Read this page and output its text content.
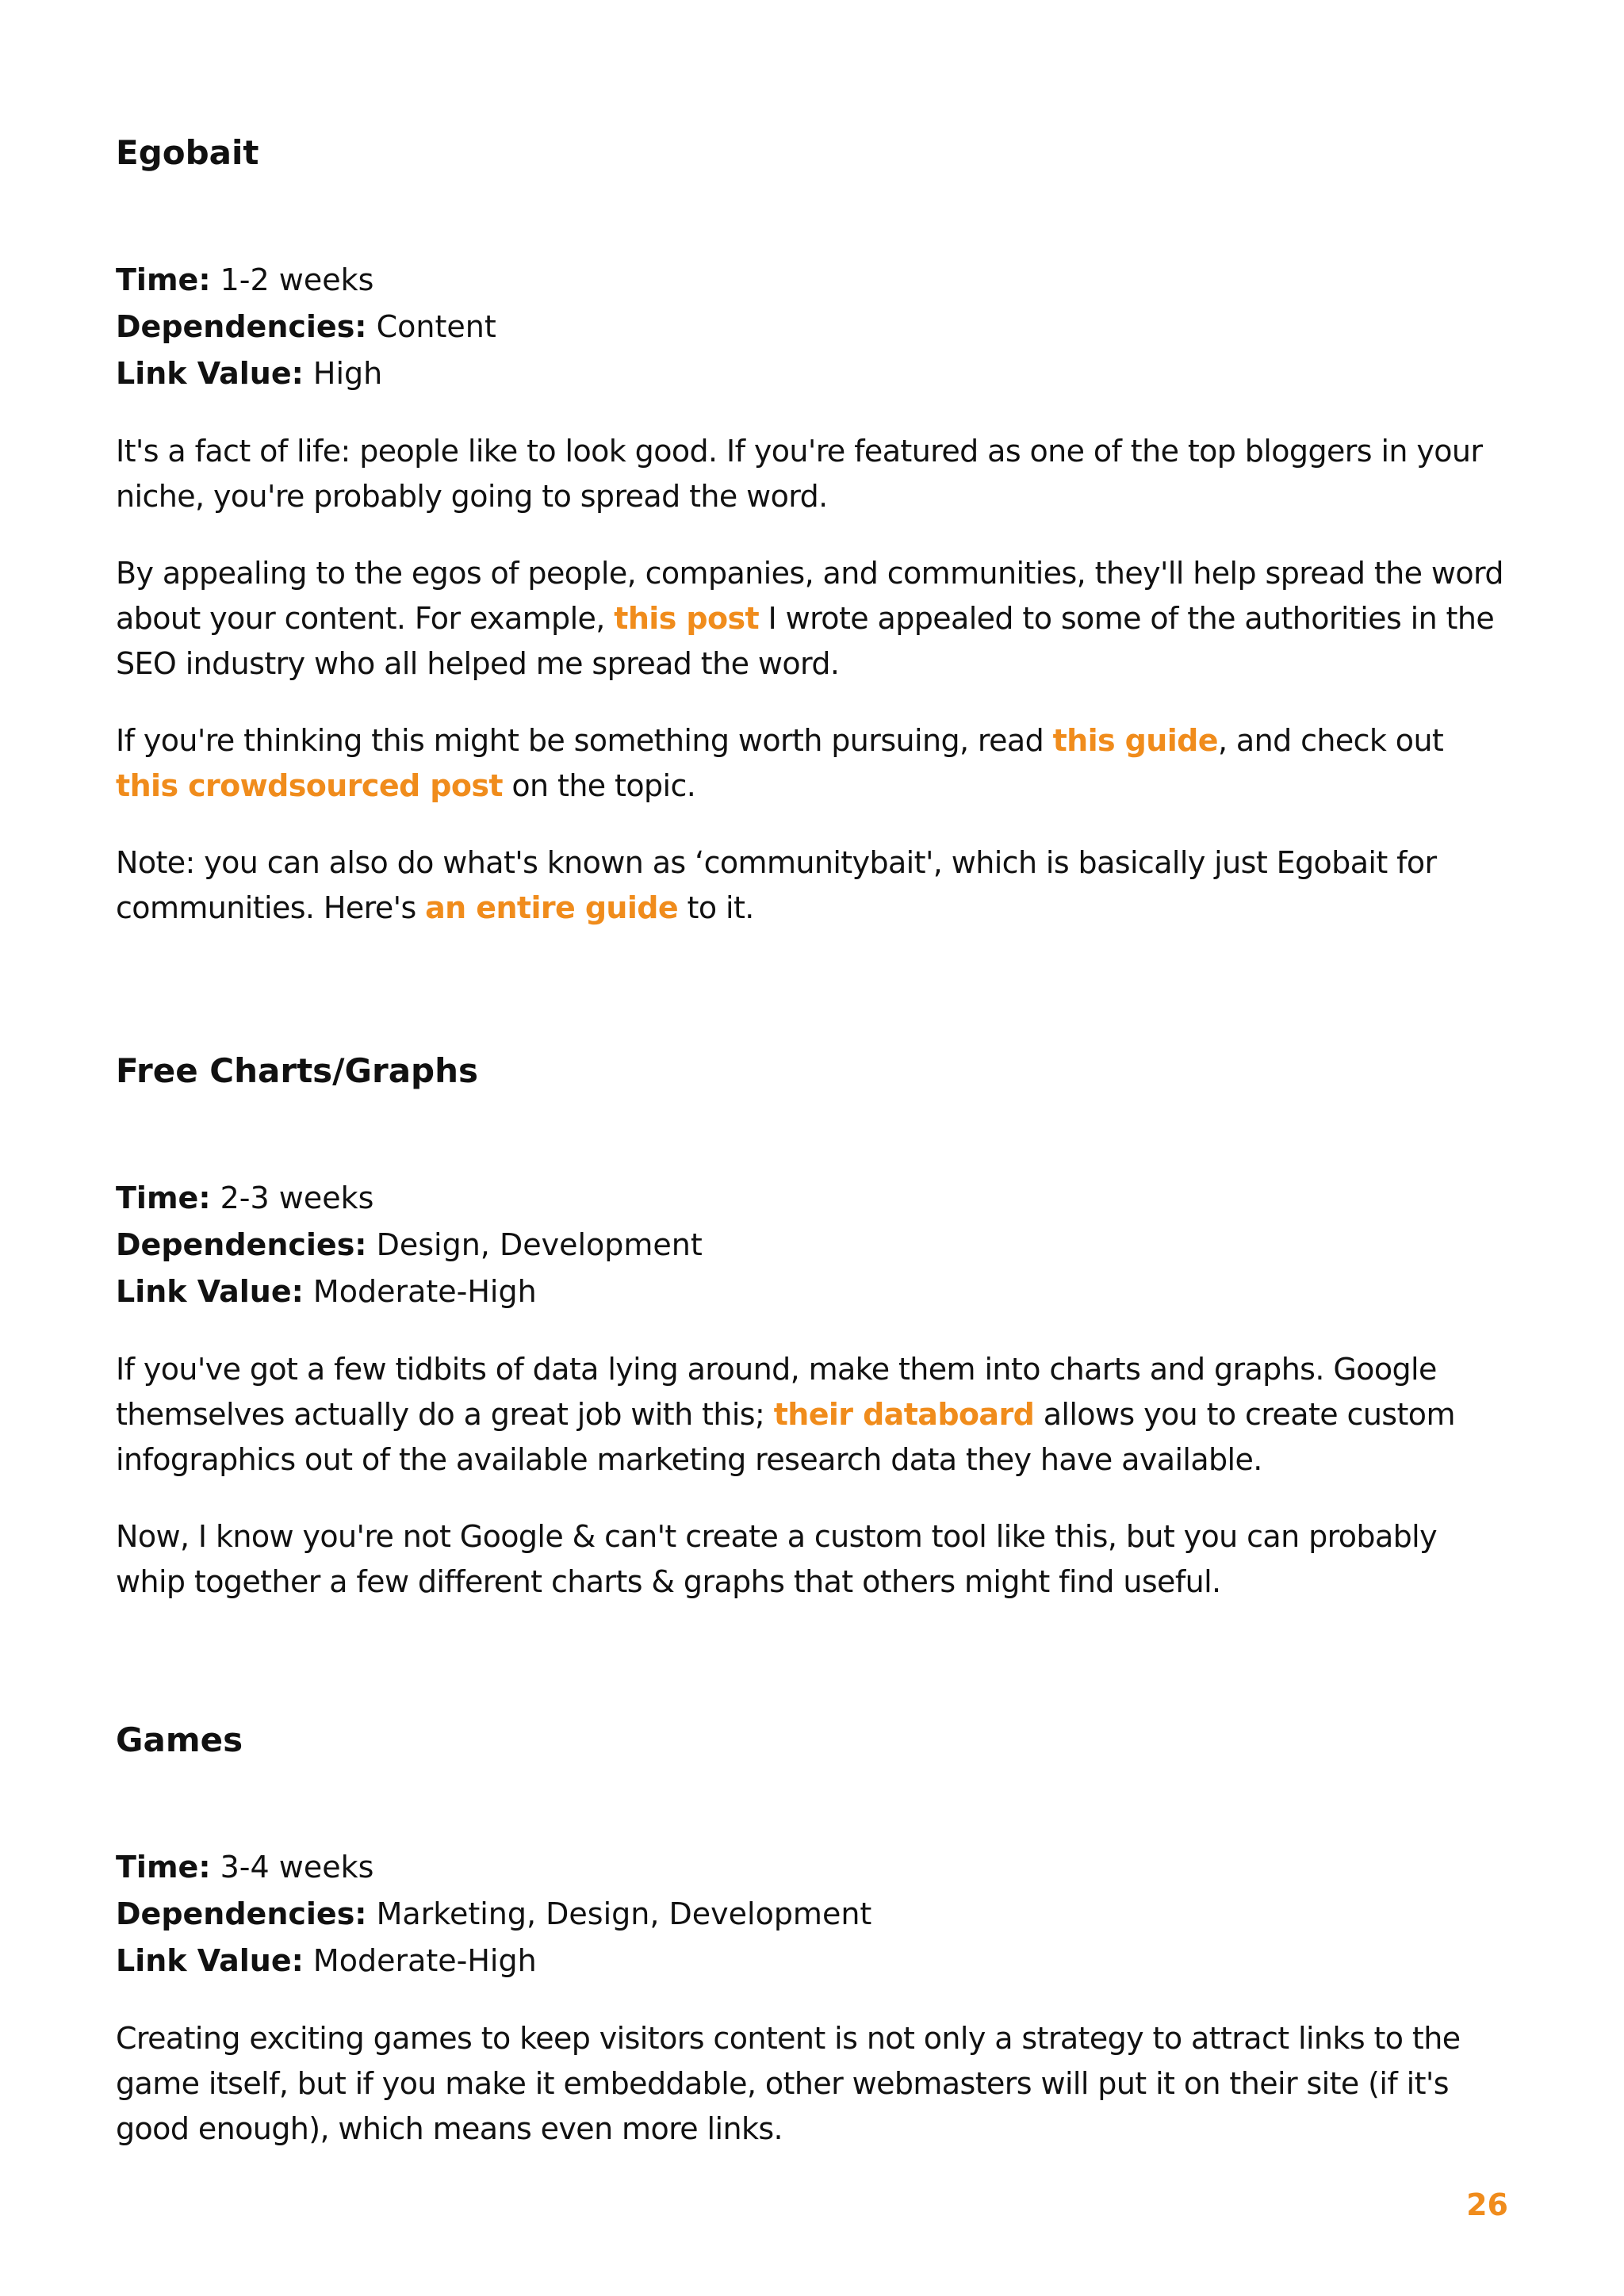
Egobait
Time: 1-2 weeks
Dependencies: Content
Link Value: High

It's a fact of life: people like to look good. If you're featured as one of the top bloggers in your niche, you're probably going to spread the word.

By appealing to the egos of people, companies, and communities, they'll help spread the word about your content. For example, this post I wrote appealed to some of the authorities in the SEO industry who all helped me spread the word.

If you're thinking this might be something worth pursuing, read this guide, and check out this crowdsourced post on the topic.

Note: you can also do what's known as ‘communitybait', which is basically just Egobait for communities. Here's an entire guide to it.

Free Charts/Graphs
Time: 2-3 weeks
Dependencies: Design, Development
Link Value: Moderate-High

If you've got a few tidbits of data lying around, make them into charts and graphs. Google themselves actually do a great job with this; their databoard allows you to create custom infographics out of the available marketing research data they have available.

Now, I know you're not Google & can't create a custom tool like this, but you can probably whip together a few different charts & graphs that others might find useful.

Games
Time: 3-4 weeks
Dependencies: Marketing, Design, Development
Link Value: Moderate-High

Creating exciting games to keep visitors content is not only a strategy to attract links to the game itself, but if you make it embeddable, other webmasters will put it on their site (if it's good enough), which means even more links.

26
